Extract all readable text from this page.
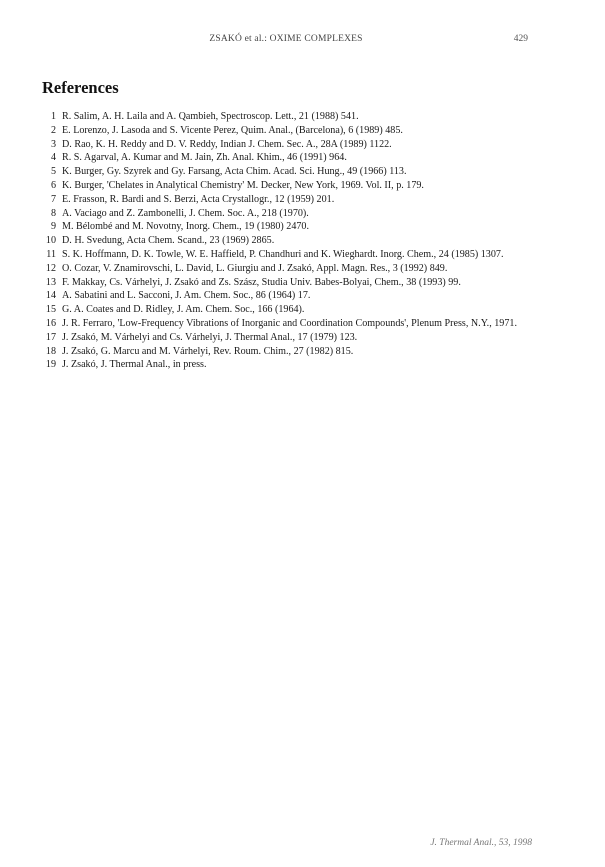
ZSAKÓ et al.: OXIME COMPLEXES	429
References
1 R. Salim, A. H. Laila and A. Qambieh, Spectroscop. Lett., 21 (1988) 541.
2 E. Lorenzo, J. Lasoda and S. Vicente Perez, Quim. Anal., (Barcelona), 6 (1989) 485.
3 D. Rao, K. H. Reddy and D. V. Reddy, Indian J. Chem. Sec. A., 28A (1989) 1122.
4 R. S. Agarval, A. Kumar and M. Jain, Zh. Anal. Khim., 46 (1991) 964.
5 K. Burger, Gy. Szyrek and Gy. Farsang, Acta Chim. Acad. Sci. Hung., 49 (1966) 113.
6 K. Burger, 'Chelates in Analytical Chemistry' M. Decker, New York, 1969. Vol. II, p. 179.
7 E. Frasson, R. Bardi and S. Berzi, Acta Crystallogr., 12 (1959) 201.
8 A. Vaciago and Z. Zambonelli, J. Chem. Soc. A., 218 (1970).
9 M. Bélombé and M. Novotny, Inorg. Chem., 19 (1980) 2470.
10 D. H. Svedung, Acta Chem. Scand., 23 (1969) 2865.
11 S. K. Hoffmann, D. K. Towle, W. E. Haffield, P. Chandhuri and K. Wieghardt. Inorg. Chem., 24 (1985) 1307.
12 O. Cozar, V. Znamirovschi, L. David, L. Giurgiu and J. Zsakó, Appl. Magn. Res., 3 (1992) 849.
13 F. Makkay, Cs. Várhelyi, J. Zsakó and Zs. Szász, Studia Univ. Babes-Bolyai, Chem., 38 (1993) 99.
14 A. Sabatini and L. Sacconi, J. Am. Chem. Soc., 86 (1964) 17.
15 G. A. Coates and D. Ridley, J. Am. Chem. Soc., 166 (1964).
16 J. R. Ferraro, 'Low-Frequency Vibrations of Inorganic and Coordination Compounds', Plenum Press, N.Y., 1971.
17 J. Zsakó, M. Várhelyi and Cs. Várhelyi, J. Thermal Anal., 17 (1979) 123.
18 J. Zsakó, G. Marcu and M. Várhelyi, Rev. Roum. Chim., 27 (1982) 815.
19 J. Zsakó, J. Thermal Anal., in press.
J. Thermal Anal., 53, 1998
